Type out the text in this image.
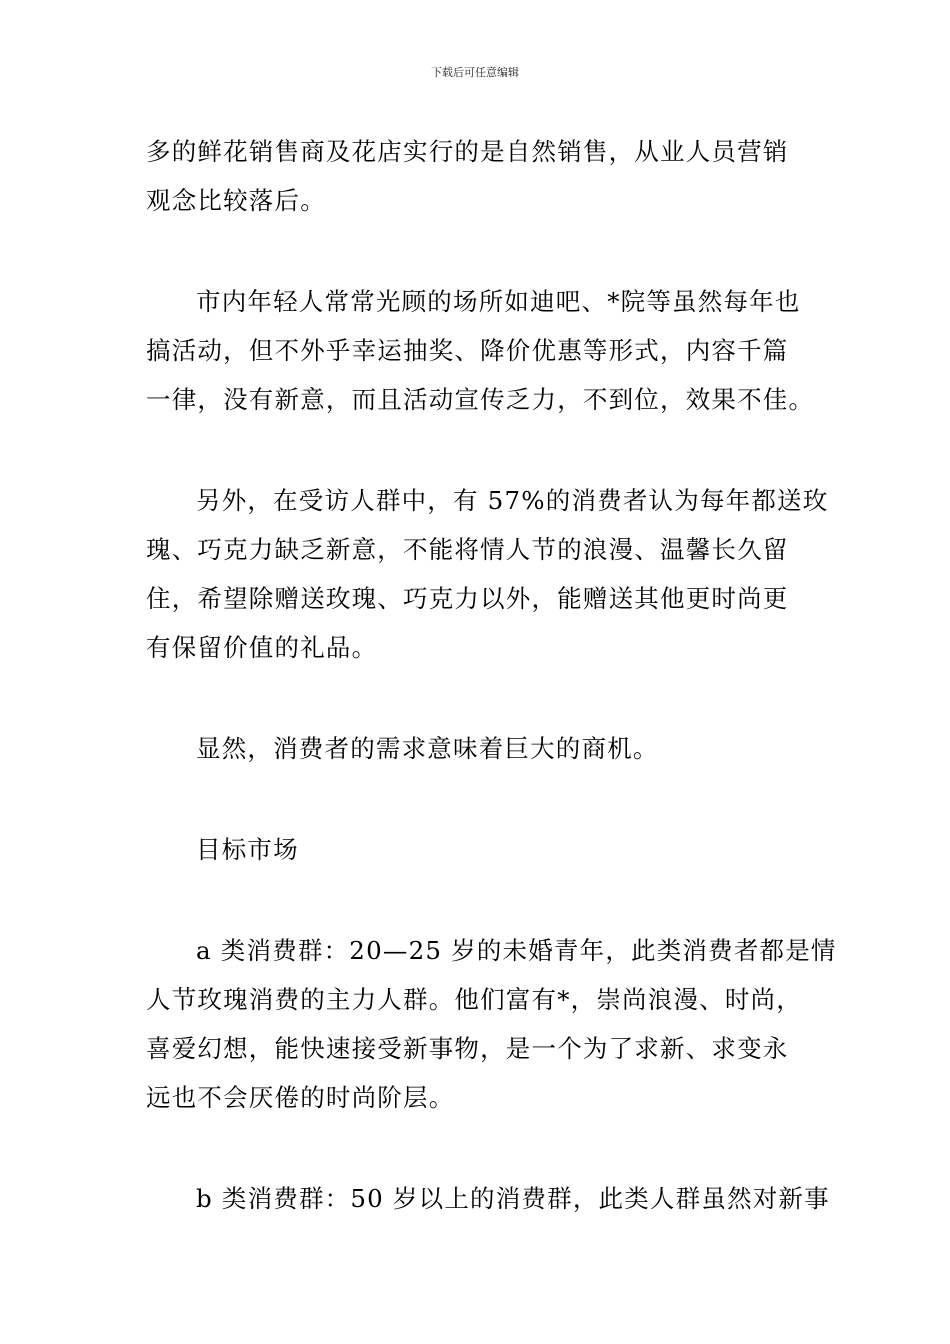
下载后可任意编辑
多的鲜花销售商及花店实行的是自然销售，从业人员营销
观念比较落后。
市内年轻人常常光顾的场所如迪吧、*院等虽然每年也
搞活动，但不外乎幸运抽奖、降价优惠等形式，内容千篇
一律，没有新意，而且活动宣传乏力，不到位，效果不佳。
另外，在受访人群中，有 57%的消费者认为每年都送玫
瑰、巧克力缺乏新意，不能将情人节的浪漫、温馨长久留
住，希望除赠送玫瑰、巧克力以外，能赠送其他更时尚更
有保留价值的礼品。
显然，消费者的需求意味着巨大的商机。
目标市场
a 类消费群：20—25 岁的未婚青年，此类消费者都是情
人节玫瑰消费的主力人群。他们富有*，崇尚浪漫、时尚，
喜爱幻想，能快速接受新事物，是一个为了求新、求变永
远也不会厌倦的时尚阶层。
b 类消费群：50 岁以上的消费群，此类人群虽然对新事
